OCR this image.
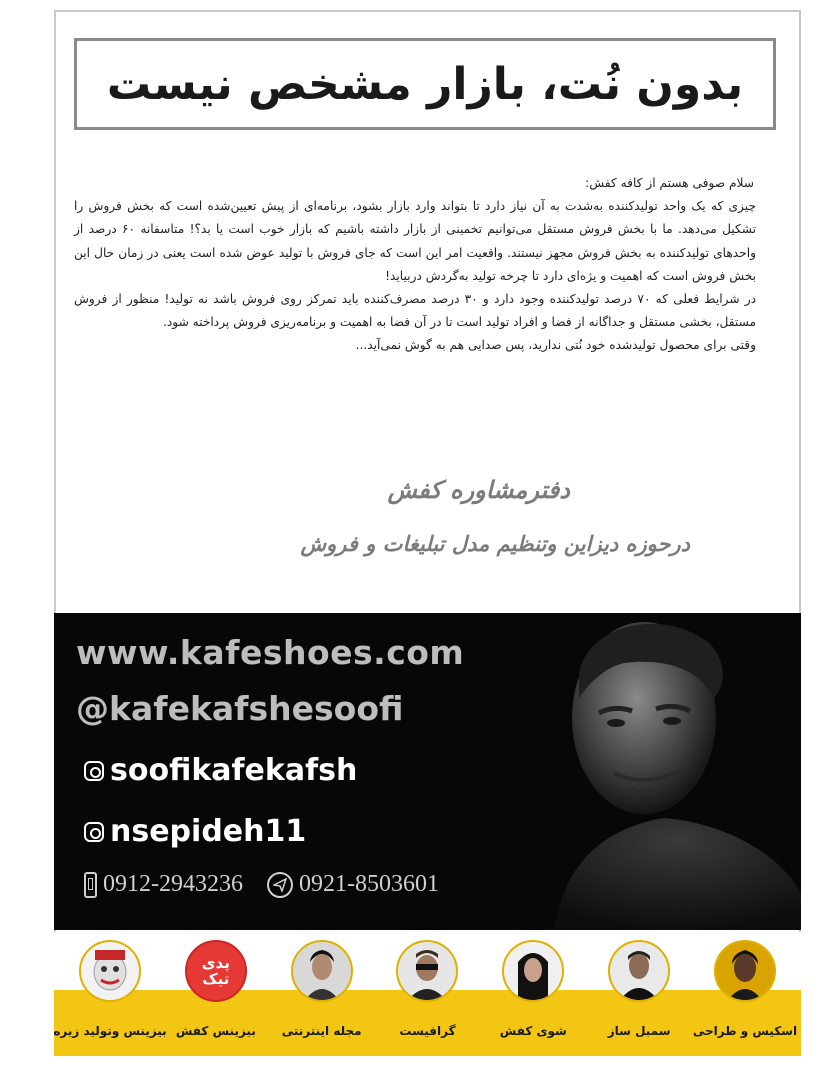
بدون نُت، بازار مشخص نیست

سلام صوفی هستم از کافه کفش:

چیزی که یک واحد تولیدکننده به‌شدت به آن نیاز دارد تا بتواند وارد بازار بشود، برنامه‌ای از پیش تعیین‌شده است که بخش فروش را تشکیل می‌دهد. ما با بخش فروش مستقل می‌توانیم تخمینی از بازار داشته باشیم که بازار خوب است یا بد؟! متاسفانه ۶۰ درصد از واحدهای تولیدکننده به بخش فروش مجهز نیستند. واقعیت امر این است که جای فروش با تولید عوض شده است یعنی در زمان حال این بخش فروش است که اهمیت و یژه‌ای دارد تا چرخه تولید به‌گردش دربیاید!

در شرایط فعلی که ۷۰ درصد تولیدکننده وجود دارد و ۳۰ درصد مصرف‌کننده باید تمرکز روی فروش باشد نه تولید! منظور از فروش مستقل، بخشی مستقل و جداگانه از فضا و افراد تولید است تا در آن فضا به اهمیت و برنامه‌ریزی فروش پرداخته شود.

وقتی برای محصول تولیدشده خود نُتی ندارید، پس صدایی هم به گوش نمی‌آید...

دفترمشاوره کفش
درحوزه دیزاین وتنظیم مدل تبلیغات و فروش
www.kafeshoes.com
@kafekafshesoofi
soofikafekafsh
nsepideh11
0912-2943236 0921-8503601
اسکیس و طراحی
سمبل ساز
شوی کفش
گرافیست
مجله اینترنتی
پدی
تیک
بیزینس کفش
بیزینس وتولید زیره
